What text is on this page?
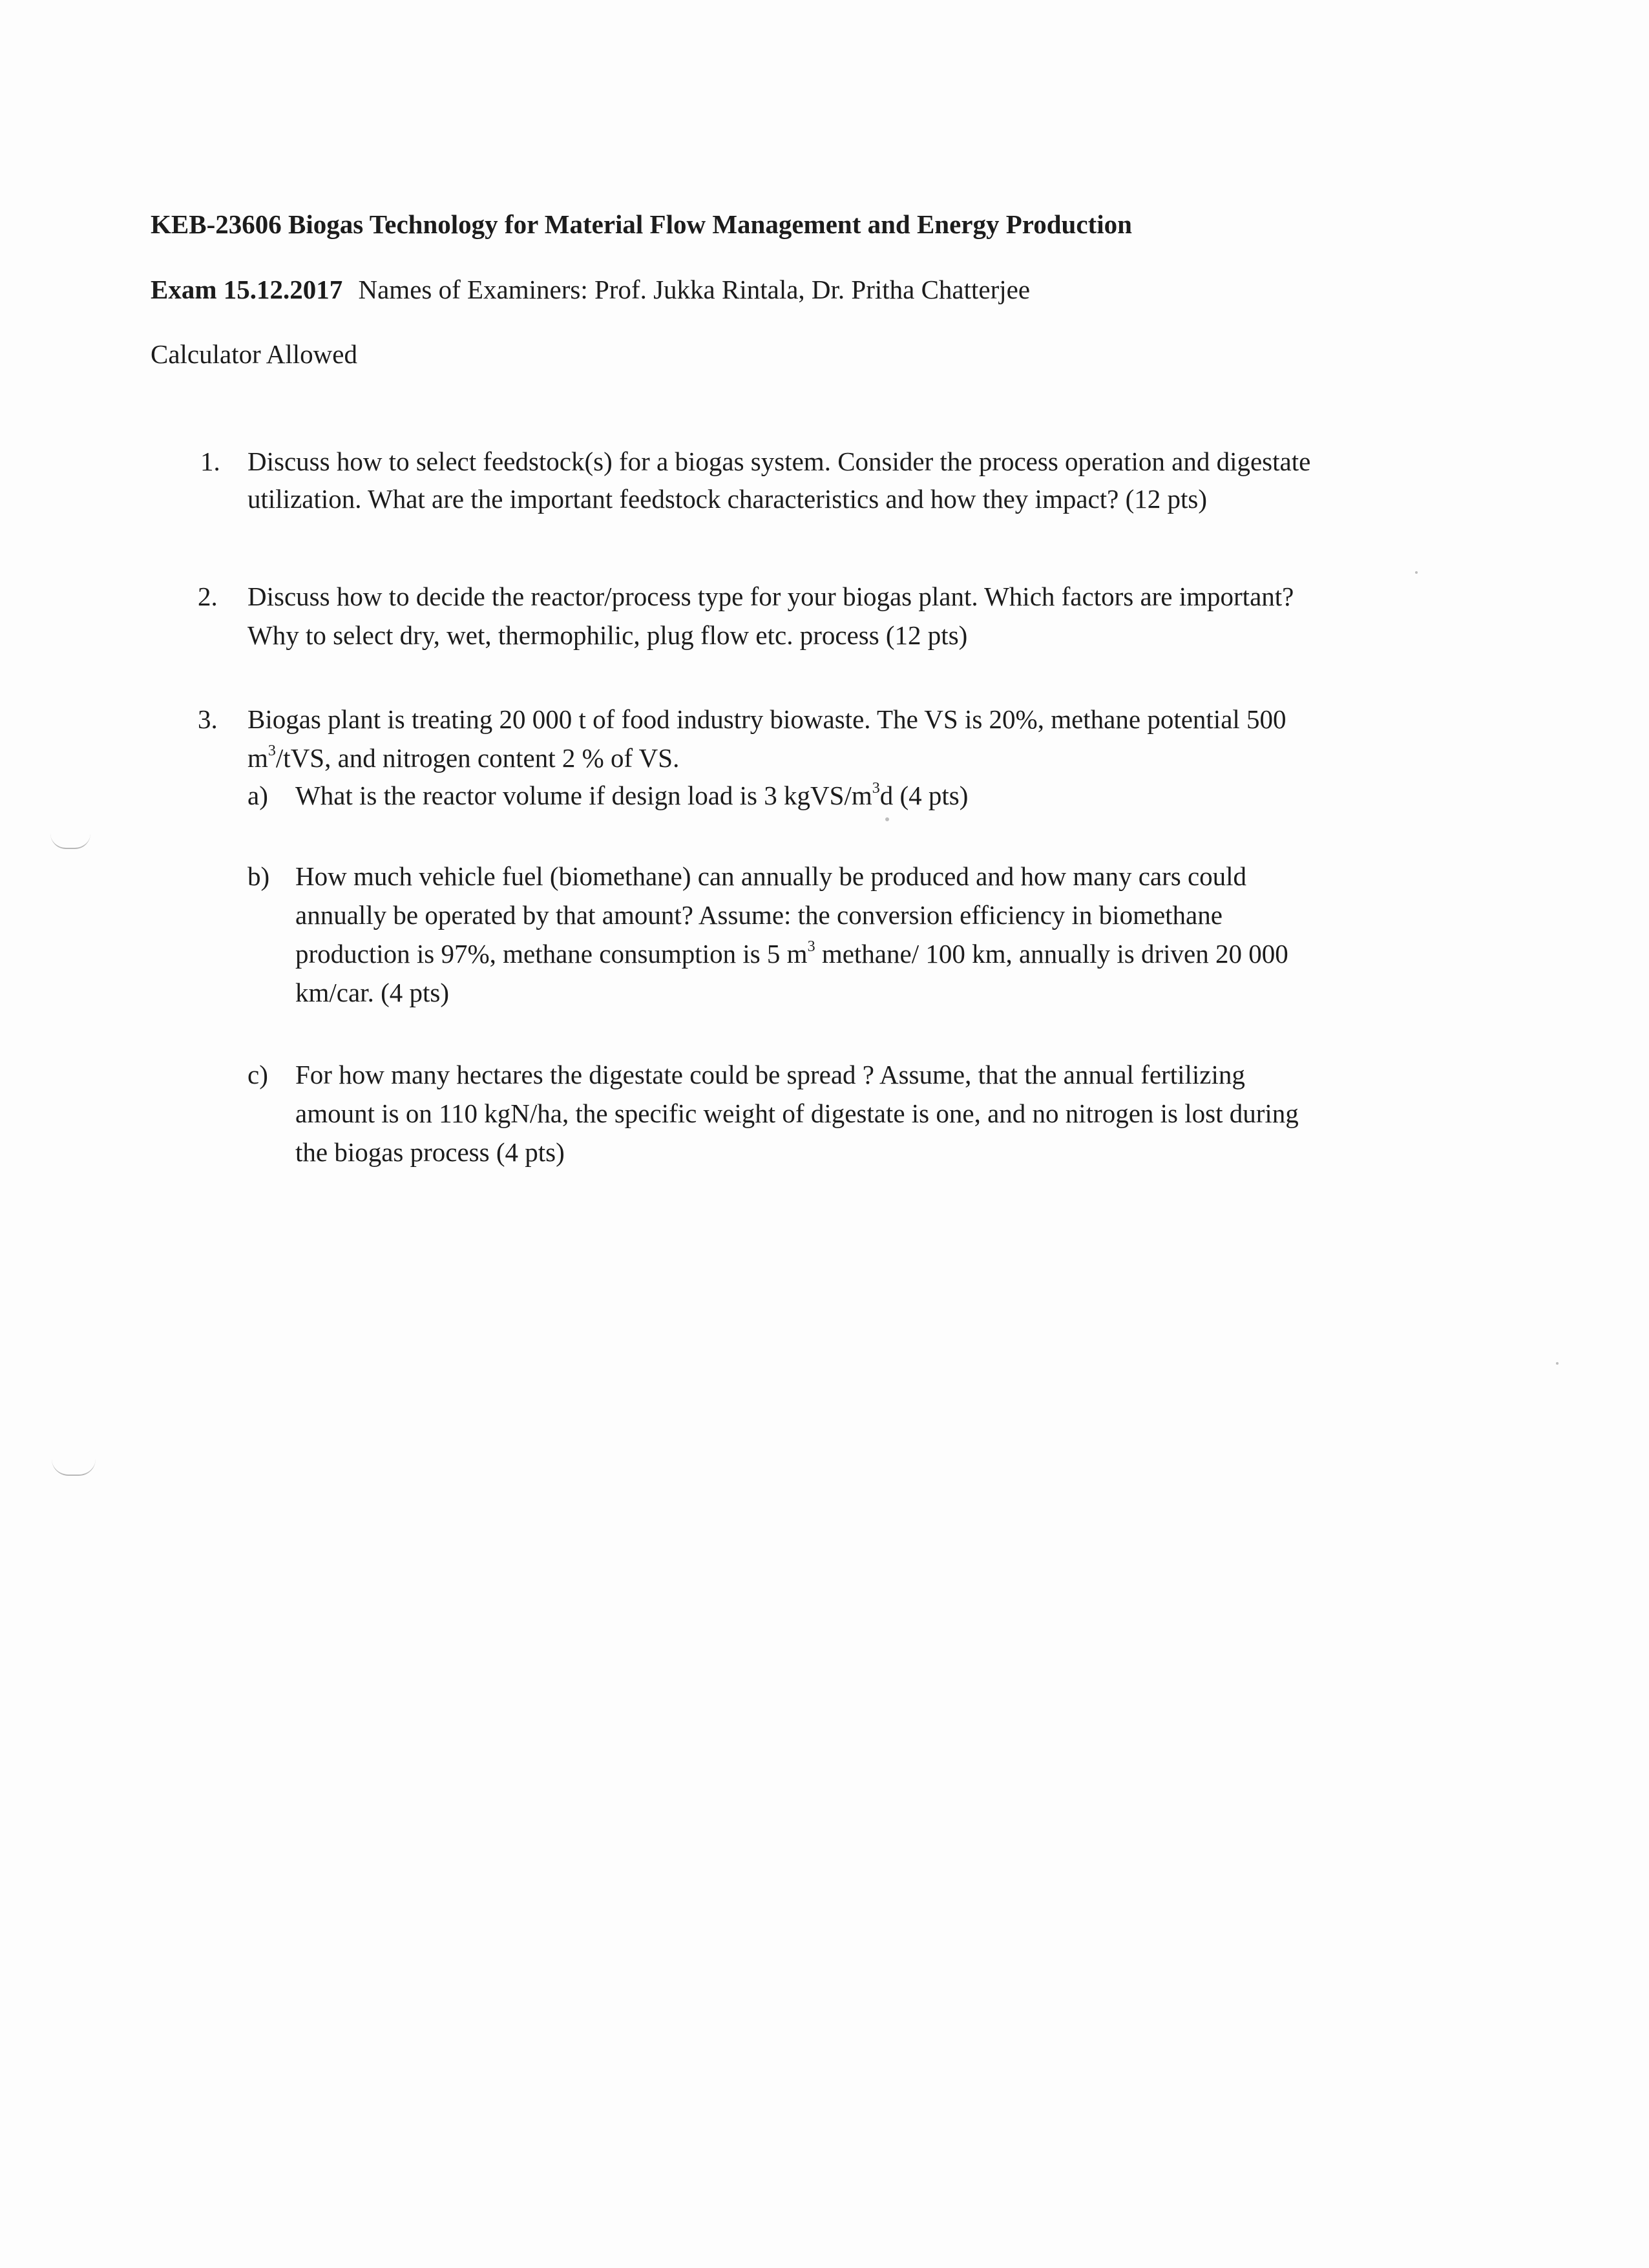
KEB-23606 Biogas Technology for Material Flow Management and Energy Production
Exam 15.12.2017 Names of Examiners: Prof. Jukka Rintala, Dr. Pritha Chatterjee
Calculator Allowed
1. Discuss how to select feedstock(s) for a biogas system. Consider the process operation and digestate
utilization. What are the important feedstock characteristics and how they impact? (12 pts)
2. Discuss how to decide the reactor/process type for your biogas plant. Which factors are important?
Why to select dry, wet, thermophilic, plug flow etc. process (12 pts)
3. Biogas plant is treating 20 000 t of food industry biowaste. The VS is 20%, methane potential 500
$m^3$/tVS, and nitrogen content 2 % of VS.
a) What is the reactor volume if design load is 3 kgVS/$m^3d$ (4 pts)
b) How much vehicle fuel (biomethane) can annually be produced and how many cars could
annually be operated by that amount? Assume: the conversion efficiency in biomethane
production is 97%, methane consumption is 5 $m^3$ methane/ 100 km, annually is driven 20 000
km/car. (4 pts)
c) For how many hectares the digestate could be spread ? Assume, that the annual fertilizing
amount is on 110 kgN/ha, the specific weight of digestate is one, and no nitrogen is lost during
the biogas process (4 pts)
